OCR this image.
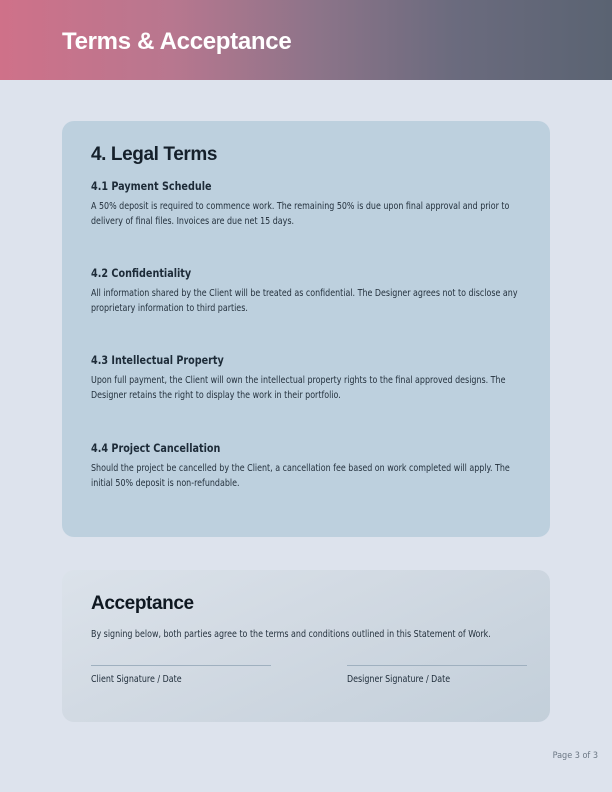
Terms & Acceptance
4. Legal Terms
4.1 Payment Schedule
A 50% deposit is required to commence work. The remaining 50% is due upon final approval and prior to delivery of final files. Invoices are due net 15 days.
4.2 Confidentiality
All information shared by the Client will be treated as confidential. The Designer agrees not to disclose any proprietary information to third parties.
4.3 Intellectual Property
Upon full payment, the Client will own the intellectual property rights to the final approved designs. The Designer retains the right to display the work in their portfolio.
4.4 Project Cancellation
Should the project be cancelled by the Client, a cancellation fee based on work completed will apply. The initial 50% deposit is non-refundable.
Acceptance
By signing below, both parties agree to the terms and conditions outlined in this Statement of Work.
Client Signature / Date	Designer Signature / Date
Page 3 of 3
